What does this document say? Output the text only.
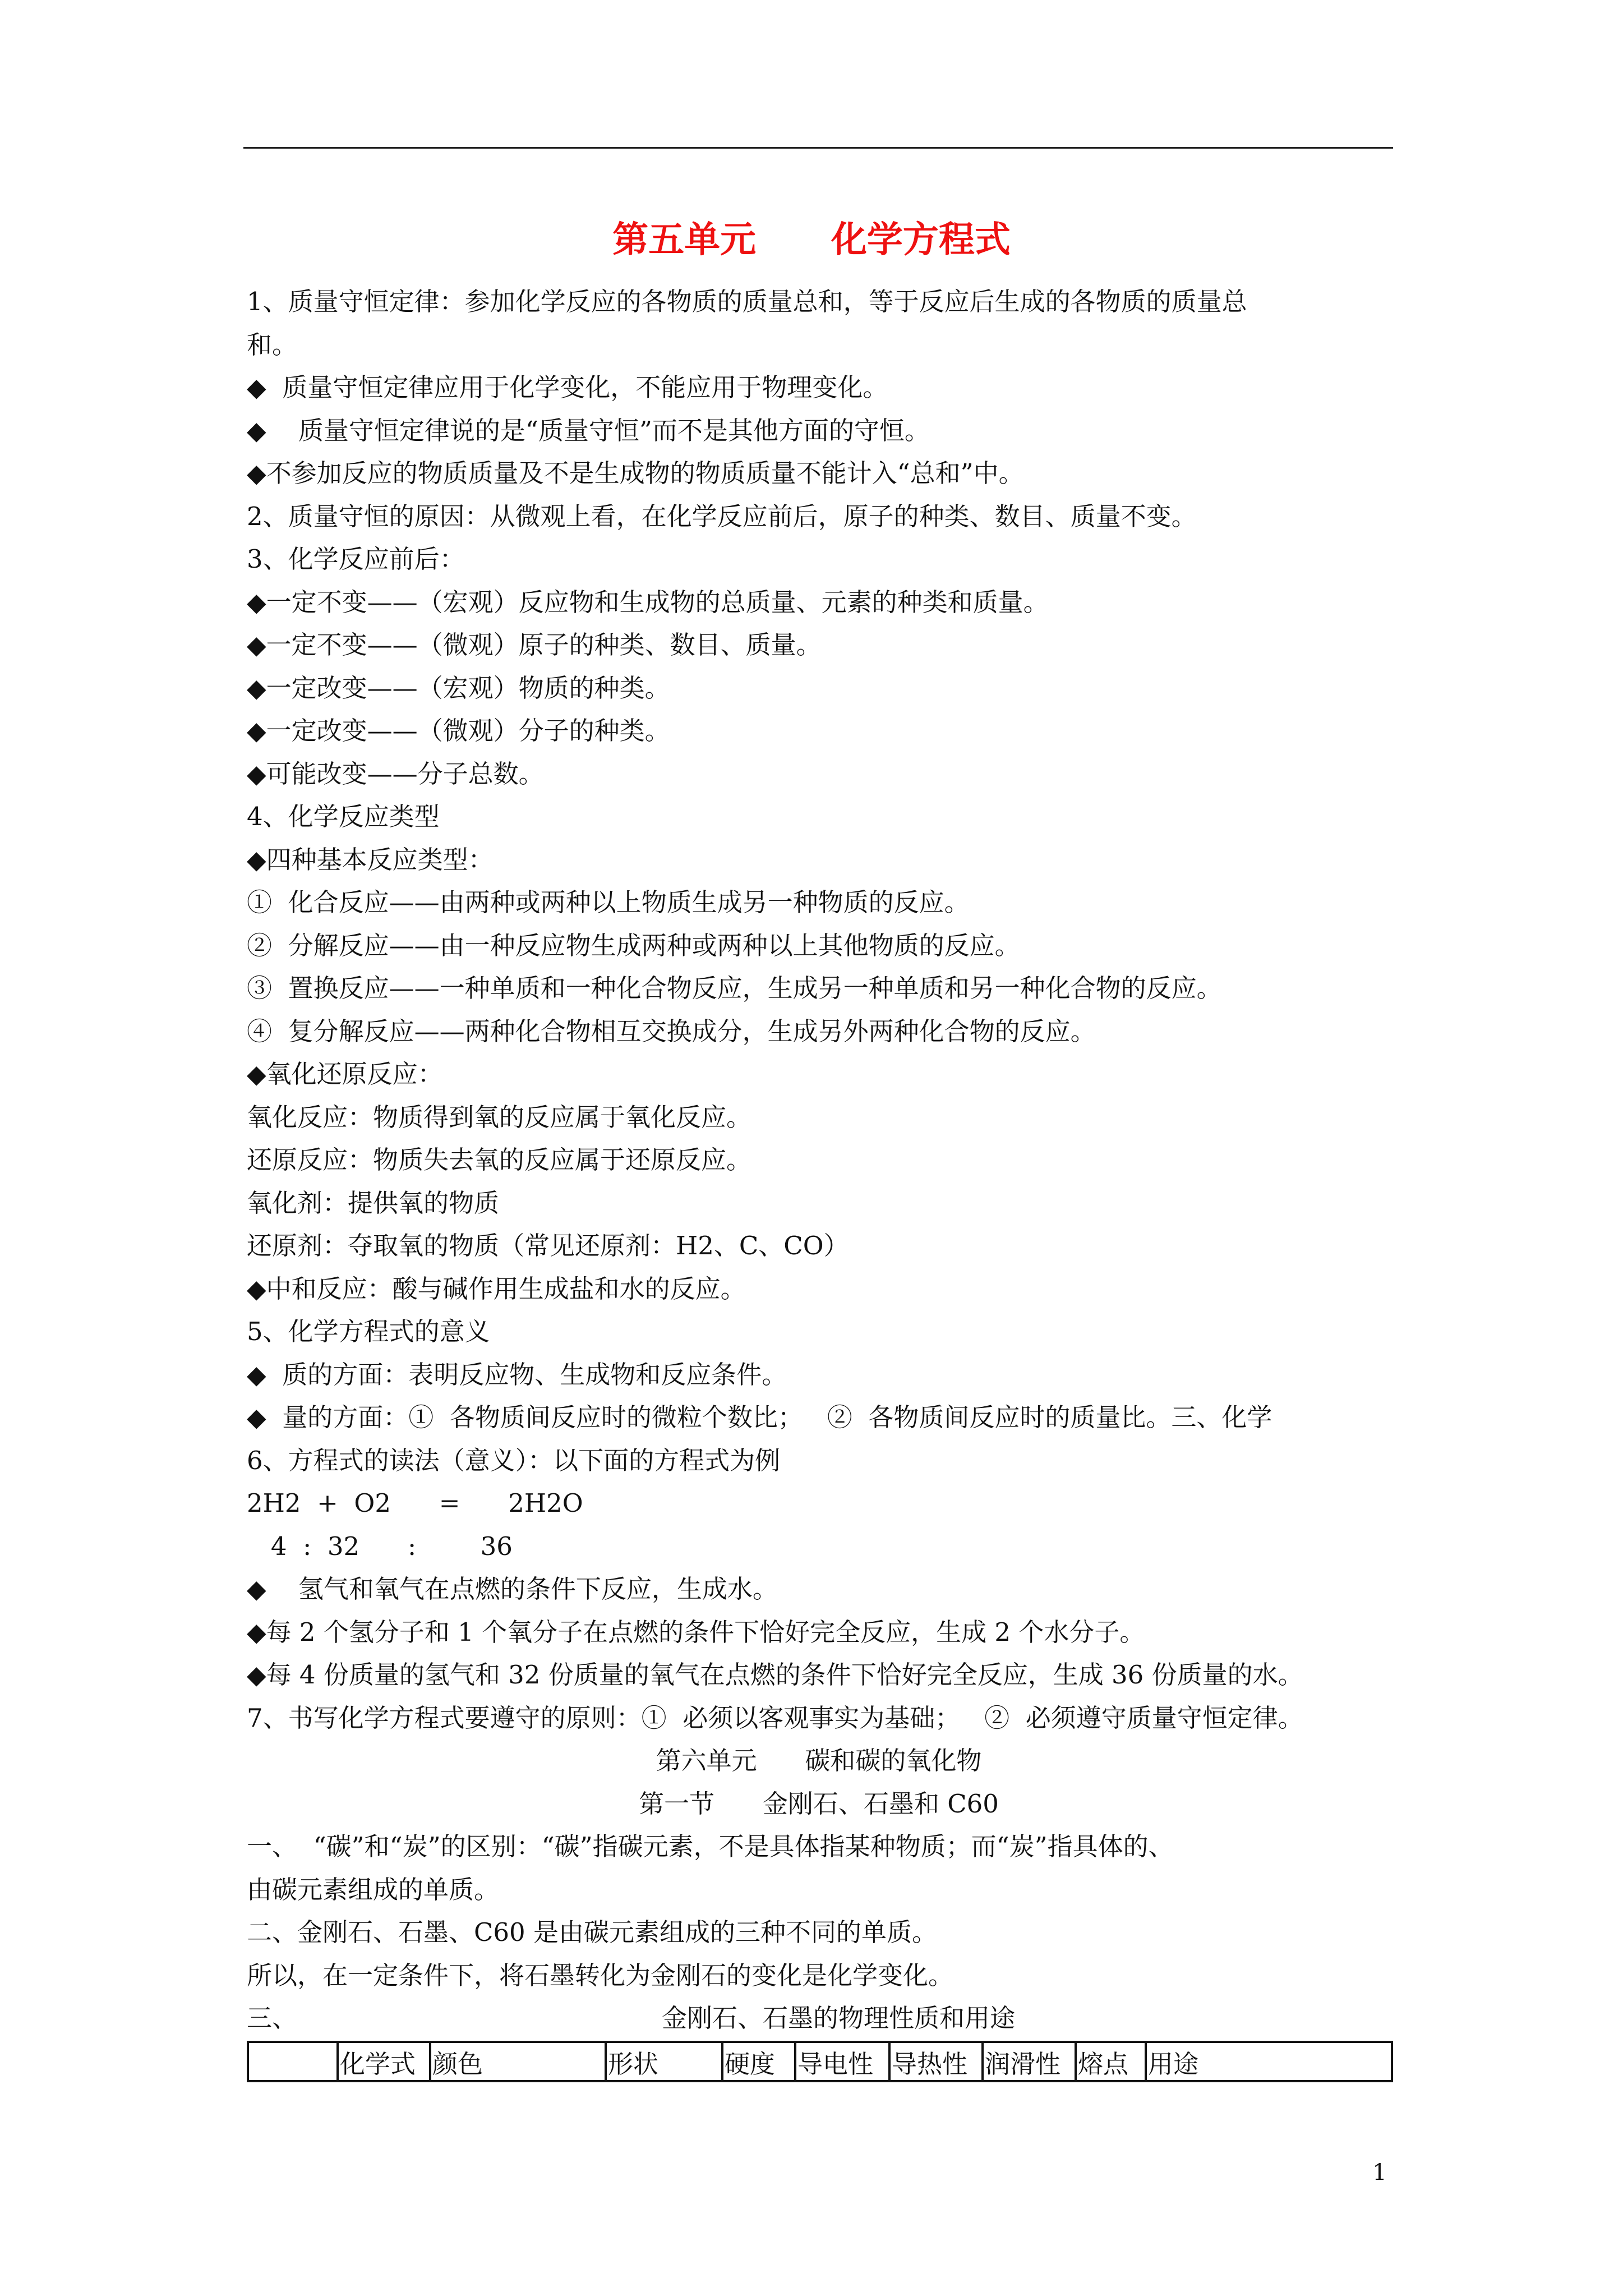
第五单元      化学方程式
1、质量守恒定律：参加化学反应的各物质的质量总和，等于反应后生成的各物质的质量总
和。
◆  质量守恒定律应用于化学变化，不能应用于物理变化。
◆    质量守恒定律说的是“质量守恒”而不是其他方面的守恒。
◆不参加反应的物质质量及不是生成物的物质质量不能计入“总和”中。
2、质量守恒的原因：从微观上看，在化学反应前后，原子的种类、数目、质量不变。
3、化学反应前后：
◆一定不变——（宏观）反应物和生成物的总质量、元素的种类和质量。
◆一定不变——（微观）原子的种类、数目、质量。
◆一定改变——（宏观）物质的种类。
◆一定改变——（微观）分子的种类。
◆可能改变——分子总数。
4、化学反应类型
◆四种基本反应类型：
①  化合反应——由两种或两种以上物质生成另一种物质的反应。
②  分解反应——由一种反应物生成两种或两种以上其他物质的反应。
③  置换反应——一种单质和一种化合物反应，生成另一种单质和另一种化合物的反应。
④  复分解反应——两种化合物相互交换成分，生成另外两种化合物的反应。
◆氧化还原反应：
氧化反应：物质得到氧的反应属于氧化反应。
还原反应：物质失去氧的反应属于还原反应。
氧化剂：提供氧的物质
还原剂：夺取氧的物质（常见还原剂：H2、C、CO）
◆中和反应：酸与碱作用生成盐和水的反应。
5、化学方程式的意义
◆  质的方面：表明反应物、生成物和反应条件。
◆  量的方面：①  各物质间反应时的微粒个数比；   ②  各物质间反应时的质量比。三、化学
6、方程式的读法（意义）：以下面的方程式为例
2H2  +  O2      =      2H2O
4  :  32      :        36
◆    氢气和氧气在点燃的条件下反应，生成水。
◆每 2 个氢分子和 1 个氧分子在点燃的条件下恰好完全反应，生成 2 个水分子。
◆每 4 份质量的氢气和 32 份质量的氧气在点燃的条件下恰好完全反应，生成 36 份质量的水。
7、书写化学方程式要遵守的原则：①  必须以客观事实为基础；   ②  必须遵守质量守恒定律。
第六单元      碳和碳的氧化物
第一节      金刚石、石墨和 C60
一、  “碳”和“炭”的区别：“碳”指碳元素，不是具体指某种物质；而“炭”指具体的、
由碳元素组成的单质。
二、金刚石、石墨、C60 是由碳元素组成的三种不同的单质。
所以，在一定条件下，将石墨转化为金刚石的变化是化学变化。
三、	金刚石、石墨的物理性质和用途
	化学式	颜色	形状	硬度	导电性	导热性	润滑性	熔点	用途
1
